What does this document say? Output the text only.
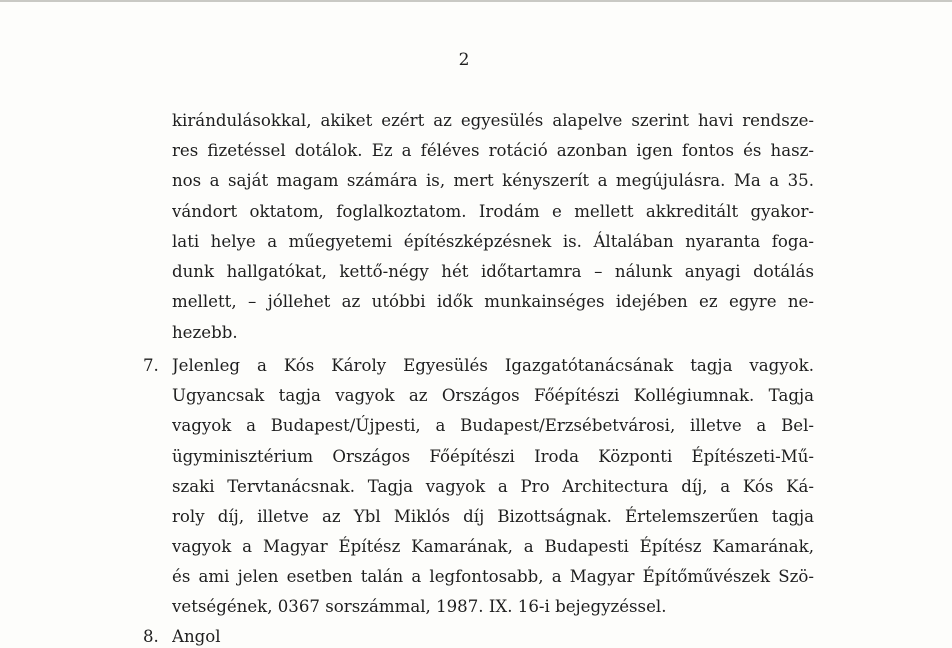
2
kirándulásokkal, akiket ezért az egyesülés alapelve szerint havi rendsze-
res fizetéssel dotálok. Ez a féléves rotáció azonban igen fontos és hasz-
nos a saját magam számára is, mert kényszerít a megújulásra. Ma a 35.
vándort oktatom, foglalkoztatom. Irodám e mellett akkreditált gyakor-
lati helye a műegyetemi építészképzésnek is. Általában nyaranta foga-
dunk hallgatókat, kettő-négy hét időtartamra – nálunk anyagi dotálás
mellett, – jóllehet az utóbbi idők munkainséges idejében ez egyre ne-
hezebb.
7. Jelenleg a Kós Károly Egyesülés Igazgatótanácsának tagja vagyok.
Ugyancsak tagja vagyok az Országos Főépítészi Kollégiumnak. Tagja
vagyok a Budapest/Újpesti, a Budapest/Erzsébetvárosi, illetve a Bel-
ügyminisztérium Országos Főépítészi Iroda Központi Építészeti-Mű-
szaki Tervtanácsnak. Tagja vagyok a Pro Architectura díj, a Kós Ká-
roly díj, illetve az Ybl Miklós díj Bizottságnak. Értelemszerűen tagja
vagyok a Magyar Építész Kamarának, a Budapesti Építész Kamarának,
és ami jelen esetben talán a legfontosabb, a Magyar Építőművészek Szö-
vetségének, 0367 sorszámmal, 1987. IX. 16-i bejegyzéssel.
8. Angol
